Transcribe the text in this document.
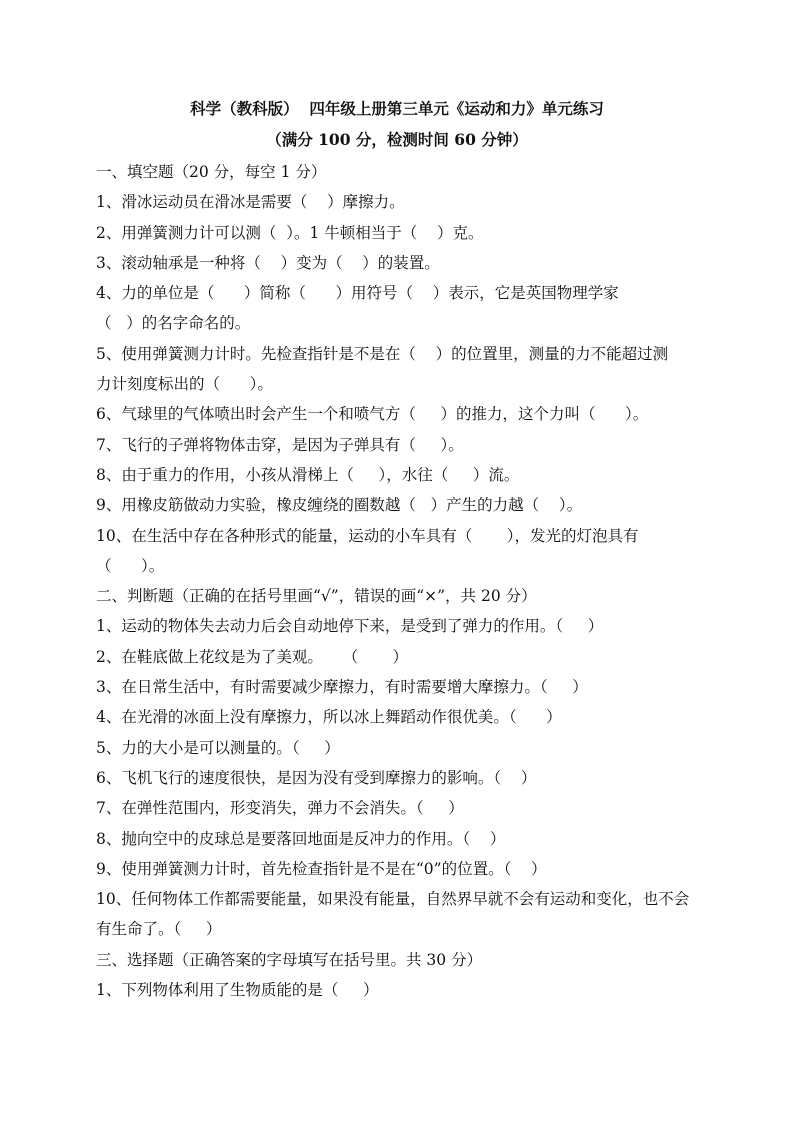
科学（教科版）  四年级上册第三单元《运动和力》单元练习
（满分 100 分，检测时间 60 分钟）
一、填空题（20 分，每空 1 分）
1、滑冰运动员在滑冰是需要（    ）摩擦力。
2、用弹簧测力计可以测（  ）。1 牛顿相当于（    ）克。
3、滚动轴承是一种将（    ）变为（    ）的装置。
4、力的单位是（      ）简称（      ）用符号（    ）表示，它是英国物理学家
（   ）的名字命名的。
5、使用弹簧测力计时。先检查指针是不是在（    ）的位置里，测量的力不能超过测
力计刻度标出的（      ）。
6、气球里的气体喷出时会产生一个和喷气方（     ）的推力，这个力叫（      ）。
7、飞行的子弹将物体击穿，是因为子弹具有（     ）。
8、由于重力的作用，小孩从滑梯上（     ），水往（     ）流。
9、用橡皮筋做动力实验，橡皮缠绕的圈数越（   ）产生的力越（    ）。
10、在生活中存在各种形式的能量，运动的小车具有（       ），发光的灯泡具有
（      ）。
二、判断题（正确的在括号里画“√”，错误的画“×”，共 20 分）
1、运动的物体失去动力后会自动地停下来，是受到了弹力的作用。（     ）
2、在鞋底做上花纹是为了美观。    （       ）
3、在日常生活中，有时需要减少摩擦力，有时需要增大摩擦力。（     ）
4、在光滑的冰面上没有摩擦力，所以冰上舞蹈动作很优美。（      ）
5、力的大小是可以测量的。（     ）
6、飞机飞行的速度很快，是因为没有受到摩擦力的影响。（    ）
7、在弹性范围内，形变消失，弹力不会消失。（     ）
8、抛向空中的皮球总是要落回地面是反冲力的作用。（    ）
9、使用弹簧测力计时，首先检查指针是不是在“0”的位置。（    ）
10、任何物体工作都需要能量，如果没有能量，自然界早就不会有运动和变化，也不会
有生命了。（     ）
三、选择题（正确答案的字母填写在括号里。共 30 分）
1、下列物体利用了生物质能的是（     ）
